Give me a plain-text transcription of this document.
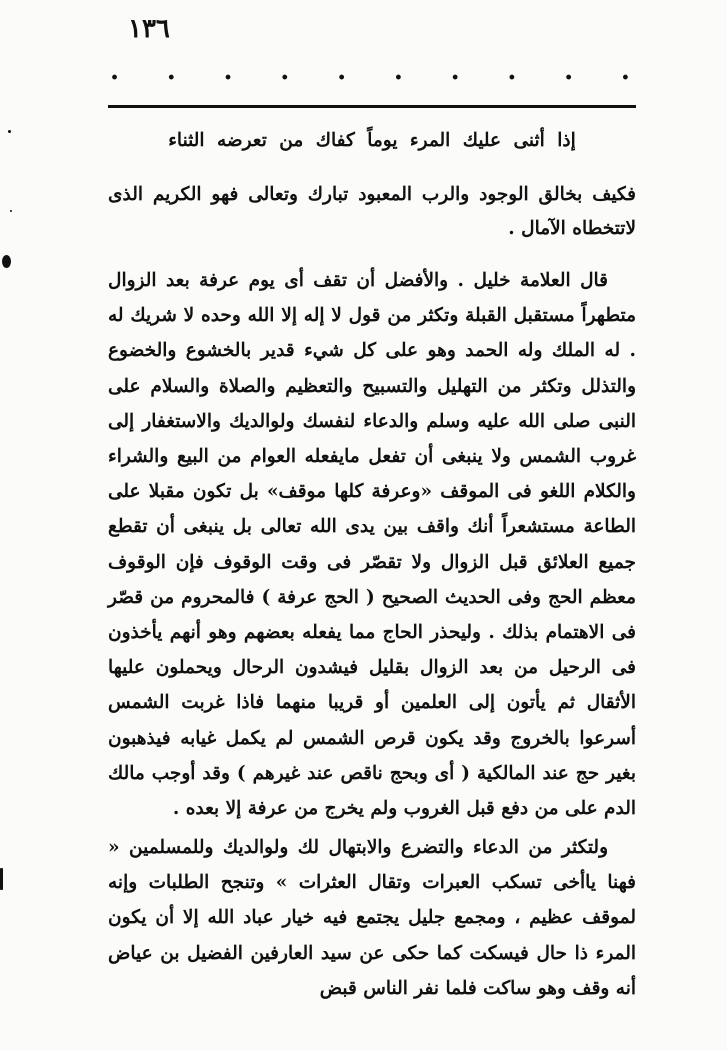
١٣٦
. . . . . . . . . .
إذا أثنى عليك المرء يوماً كفاك من تعرضه الثناء
فكيف بخالق الوجود والرب المعبود تبارك وتعالى فهو الكريم الذى لاتتخطاه الآمال .
قال العلامة خليل . والأفضل أن تقف أى يوم عرفة بعد الزوال متطهراً مستقبل القبلة وتكثر من قول لا إله إلا الله وحده لا شريك له . له الملك وله الحمد وهو على كل شيء قدير بالخشوع والخضوع والتذلل وتكثر من التهليل والتسبيح والتعظيم والصلاة والسلام على النبى صلى الله عليه وسلم والدعاء لنفسك ولوالديك والاستغفار إلى غروب الشمس ولا ينبغى أن تفعل مايفعله العوام من البيع والشراء والكلام اللغو فى الموقف «وعرفة كلها موقف» بل تكون مقبلا على الطاعة مستشعراً أنك واقف بين يدى الله تعالى بل ينبغى أن تقطع جميع العلائق قبل الزوال ولا تقصّر فى وقت الوقوف فإن الوقوف معظم الحج وفى الحديث الصحيح ( الحج عرفة ) فالمحروم من قصّر فى الاهتمام بذلك . وليحذر الحاج مما يفعله بعضهم وهو أنهم يأخذون فى الرحيل من بعد الزوال بقليل فيشدون الرحال ويحملون عليها الأثقال ثم يأتون إلى العلمين أو قريبا منهما فاذا غربت الشمس أسرعوا بالخروج وقد يكون قرص الشمس لم يكمل غيابه فيذهبون بغير حج عند المالكية ( أى وبحج ناقص عند غيرهم ) وقد أوجب مالك الدم على من دفع قبل الغروب ولم يخرج من عرفة إلا بعده .
ولتكثر من الدعاء والتضرع والابتهال لك ولوالديك وللمسلمين « فهنا ياأخى تسكب العبرات وتقال العثرات » وتنجح الطلبات وإنه لموقف عظيم ، ومجمع جليل يجتمع فيه خيار عباد الله إلا أن يكون المرء ذا حال فيسكت كما حكى عن سيد العارفين الفضيل بن عياض أنه وقف وهو ساكت فلما نفر الناس قبض
